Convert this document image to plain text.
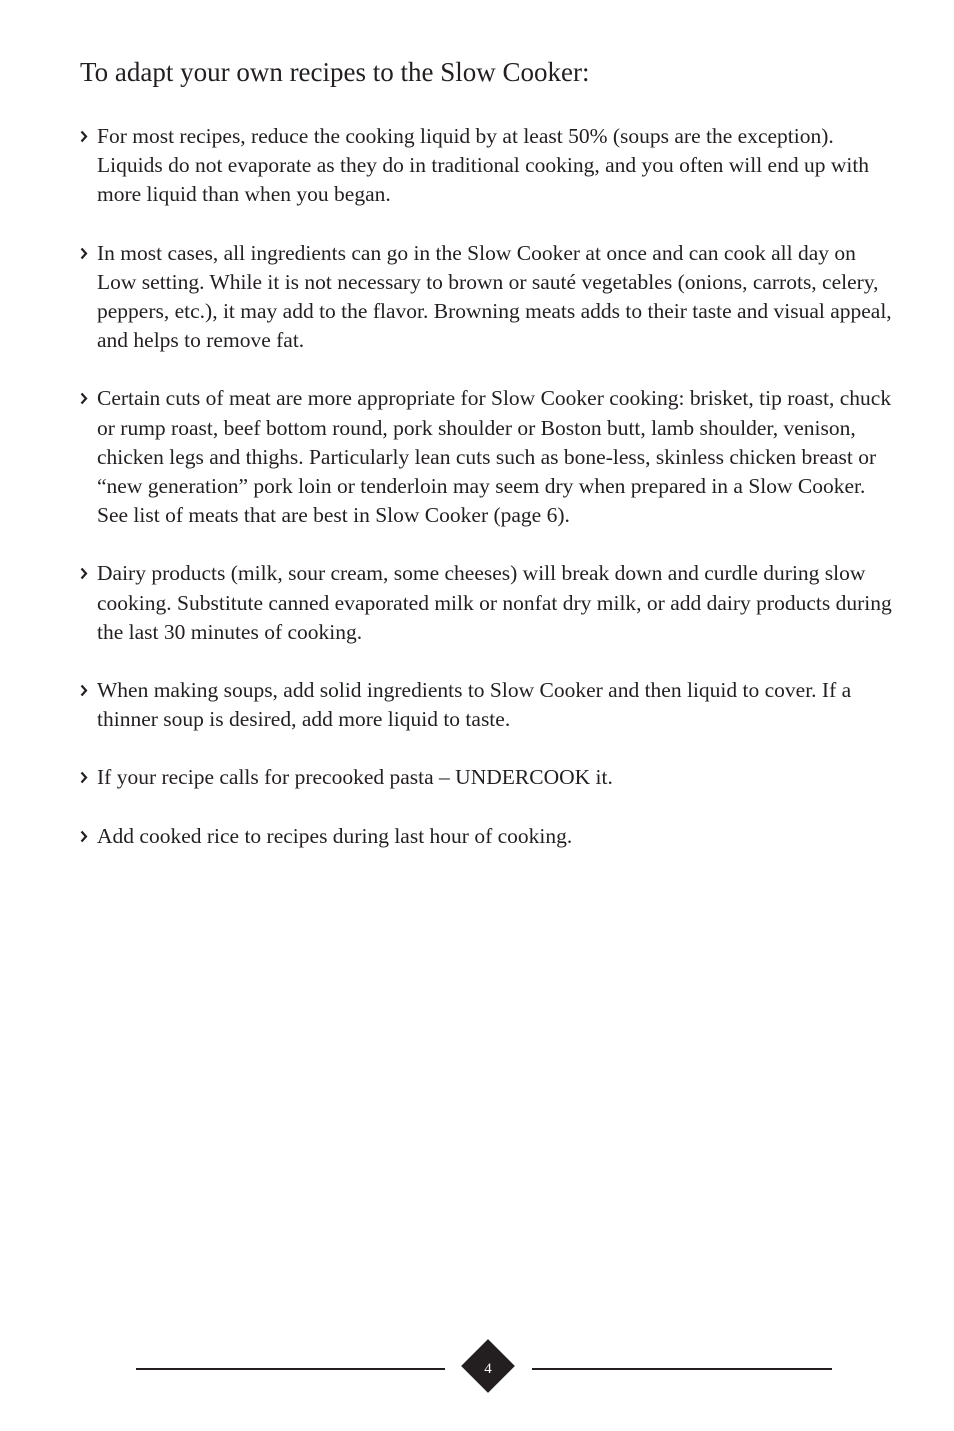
To adapt your own recipes to the Slow Cooker:
For most recipes, reduce the cooking liquid by at least 50% (soups are the exception). Liquids do not evaporate as they do in traditional cooking, and you often will end up with more liquid than when you began.
In most cases, all ingredients can go in the Slow Cooker at once and can cook all day on Low setting. While it is not necessary to brown or sauté vegetables (onions, carrots, celery, peppers, etc.), it may add to the flavor. Browning meats adds to their taste and visual appeal, and helps to remove fat.
Certain cuts of meat are more appropriate for Slow Cooker cooking: brisket, tip roast, chuck or rump roast, beef bottom round, pork shoulder or Boston butt, lamb shoulder, venison, chicken legs and thighs. Particularly lean cuts such as bone-less, skinless chicken breast or “new generation” pork loin or tenderloin may seem dry when prepared in a Slow Cooker. See list of meats that are best in Slow Cooker (page 6).
Dairy products (milk, sour cream, some cheeses) will break down and curdle during slow cooking. Substitute canned evaporated milk or nonfat dry milk, or add dairy products during the last 30 minutes of cooking.
When making soups, add solid ingredients to Slow Cooker and then liquid to cover. If a thinner soup is desired, add more liquid to taste.
If your recipe calls for precooked pasta – UNDERCOOK it.
Add cooked rice to recipes during last hour of cooking.
4
